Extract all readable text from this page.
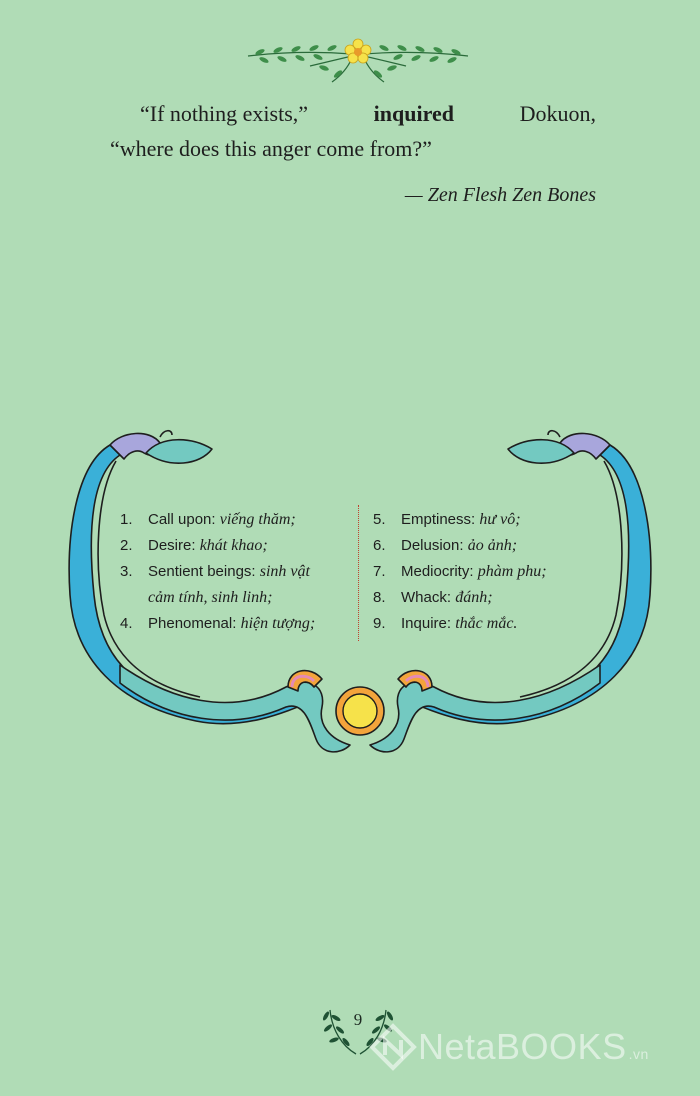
“If nothing exists,”	inquired	Dokuon,
“where does this anger come from?”
— Zen Flesh Zen Bones
1.	Call upon: viếng thăm;
2.	Desire: khát khao;
3.	Sentient beings: sinh vật
cảm tính, sinh linh;
4.	Phenomenal: hiện tượng;
5.	Emptiness: hư vô;
6.	Delusion: ảo ảnh;
7.	Mediocrity: phàm phu;
8.	Whack: đánh;
9.	Inquire: thắc mắc.
9
NetaBOOKS .vn
